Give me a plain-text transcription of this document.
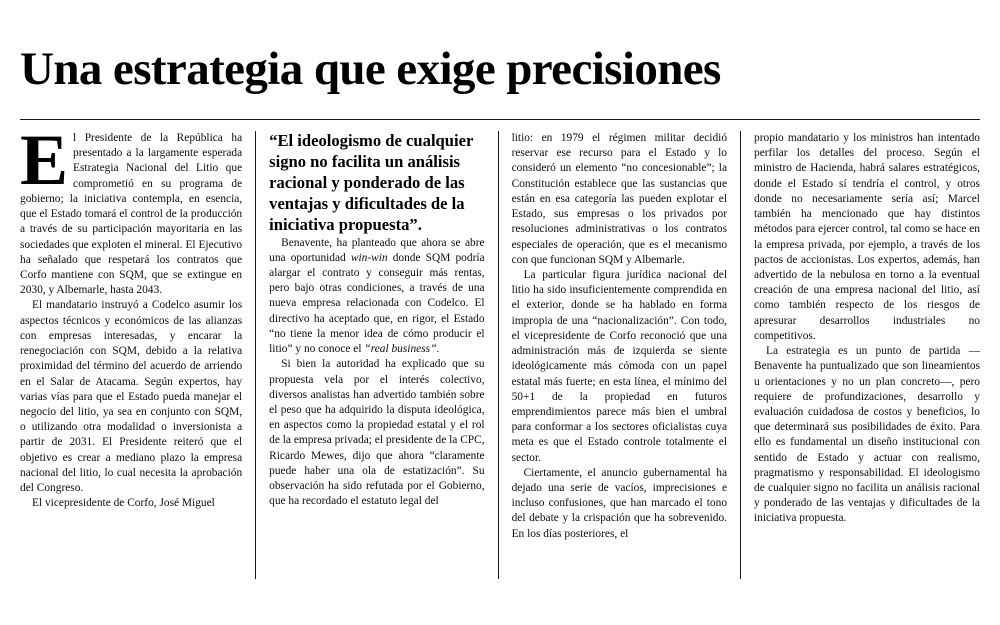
Una estrategia que exige precisiones

El Presidente de la República ha presentado a la largamente esperada Estrategia Nacional del Litio que comprometió en su programa de gobierno; la iniciativa contempla, en esencia, que el Estado tomará el control de la producción a través de su participación mayoritaria en las sociedades que exploten el mineral. El Ejecutivo ha señalado que respetará los contratos que Corfo mantiene con SQM, que se extingue en 2030, y Albemarle, hasta 2043.

El mandatario instruyó a Codelco asumir los aspectos técnicos y económicos de las alianzas con empresas interesadas, y encarar la renegociación con SQM, debido a la relativa proximidad del término del acuerdo de arriendo en el Salar de Atacama. Según expertos, hay varias vías para que el Estado pueda manejar el negocio del litio, ya sea en conjunto con SQM, o utilizando otra modalidad o inversionista a partir de 2031. El Presidente reiteró que el objetivo es crear a mediano plazo la empresa nacional del litio, lo cual necesita la aprobación del Congreso.

El vicepresidente de Corfo, José Miguel

“El ideologismo de cualquier signo no facilita un análisis racional y ponderado de las ventajas y dificultades de la iniciativa propuesta”.

Benavente, ha planteado que ahora se abre una oportunidad win-win donde SQM podría alargar el contrato y conseguir más rentas, pero bajo otras condiciones, a través de una nueva empresa relacionada con Codelco. El directivo ha aceptado que, en rigor, el Estado “no tiene la menor idea de cómo producir el litio” y no conoce el “real business”.

Si bien la autoridad ha explicado que su propuesta vela por el interés colectivo, diversos analistas han advertido también sobre el peso que ha adquirido la disputa ideológica, en aspectos como la propiedad estatal y el rol de la empresa privada; el presidente de la CPC, Ricardo Mewes, dijo que ahora “claramente puede haber una ola de estatización”. Su observación ha sido refutada por el Gobierno, que ha recordado el estatuto legal del

litio: en 1979 el régimen militar decidió reservar ese recurso para el Estado y lo consideró un elemento “no concesionable”; la Constitución establece que las sustancias que están en esa categoría las pueden explotar el Estado, sus empresas o los privados por resoluciones administrativas o los contratos especiales de operación, que es el mecanismo con que funcionan SQM y Albemarle.

La particular figura jurídica nacional del litio ha sido insuficientemente comprendida en el exterior, donde se ha hablado en forma impropia de una “nacionalización”. Con todo, el vicepresidente de Corfo reconoció que una administración más de izquierda se siente ideológicamente más cómoda con un papel estatal más fuerte; en esta línea, el mínimo del 50+1 de la propiedad en futuros emprendimientos parece más bien el umbral para conformar a los sectores oficialistas cuya meta es que el Estado controle totalmente el sector.

Ciertamente, el anuncio gubernamental ha dejado una serie de vacíos, imprecisiones e incluso confusiones, que han marcado el tono del debate y la crispación que ha sobrevenido. En los días posteriores, el

propio mandatario y los ministros han intentado perfilar los detalles del proceso. Según el ministro de Hacienda, habrá salares estratégicos, donde el Estado sí tendría el control, y otros donde no necesariamente sería así; Marcel también ha mencionado que hay distintos métodos para ejercer control, tal como se hace en la empresa privada, por ejemplo, a través de los pactos de accionistas. Los expertos, además, han advertido de la nebulosa en torno a la eventual creación de una empresa nacional del litio, así como también respecto de los riesgos de apresurar desarrollos industriales no competitivos.

La estrategia es un punto de partida —Benavente ha puntualizado que son lineamientos u orientaciones y no un plan concreto—, pero requiere de profundizaciones, desarrollo y evaluación cuidadosa de costos y beneficios, lo que determinará sus posibilidades de éxito. Para ello es fundamental un diseño institucional con sentido de Estado y actuar con realismo, pragmatismo y responsabilidad. El ideologismo de cualquier signo no facilita un análisis racional y ponderado de las ventajas y dificultades de la iniciativa propuesta.
